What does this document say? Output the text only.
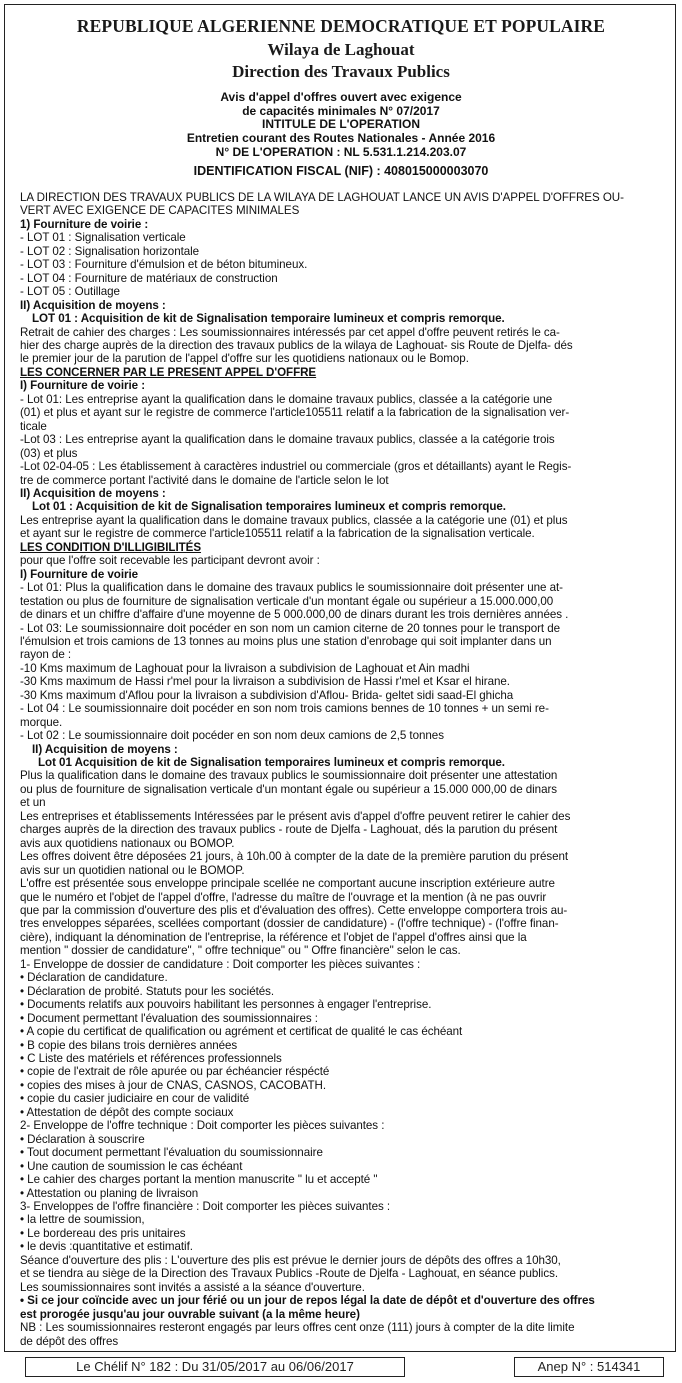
REPUBLIQUE ALGERIENNE DEMOCRATIQUE ET POPULAIRE
Wilaya de Laghouat
Direction des Travaux Publics
Avis d'appel d'offres ouvert avec exigence
de capacités minimales N° 07/2017
INTITULE DE L'OPERATION
Entretien courant des Routes Nationales - Année 2016
N° DE L'OPERATION : NL 5.531.1.214.203.07
IDENTIFICATION FISCAL (NIF) : 408015000003070
LA DIRECTION DES TRAVAUX PUBLICS DE LA WILAYA DE LAGHOUAT LANCE UN AVIS D'APPEL D'OFFRES OU-
VERT AVEC EXIGENCE DE CAPACITES MINIMALES
1) Fourniture de voirie :
- LOT 01 : Signalisation verticale
- LOT 02 : Signalisation horizontale
- LOT 03 : Fourniture d'émulsion et de béton bitumineux.
- LOT 04 : Fourniture de matériaux de construction
- LOT 05 : Outillage
II) Acquisition de moyens :
LOT 01 : Acquisition de kit de Signalisation temporaire lumineux et compris remorque.
Retrait de cahier des charges : Les soumissionnaires intéressés par cet appel d'offre peuvent retirés le ca-
hier des charge auprès de la direction des travaux publics de la wilaya de Laghouat- sis Route de Djelfa- dés
le premier jour de la parution de l'appel d'offre sur les quotidiens nationaux ou le Bomop.
LES CONCERNER PAR LE PRESENT APPEL D'OFFRE
I) Fourniture de voirie :
- Lot 01: Les entreprise ayant la qualification dans le domaine travaux publics, classée a la catégorie une
(01) et plus et ayant sur le registre de commerce l'article105511 relatif a la fabrication de la signalisation ver-
ticale
-Lot 03 : Les entreprise ayant la qualification dans le domaine travaux publics, classée a la catégorie trois
(03) et plus
-Lot 02-04-05 : Les établissement à caractères industriel ou commerciale (gros et détaillants) ayant le Regis-
tre de commerce portant l'activité dans le domaine de l'article selon le lot
II) Acquisition de moyens :
Lot 01 : Acquisition de kit de Signalisation temporaires lumineux et compris remorque.
Les entreprise ayant la qualification dans le domaine travaux publics, classée a la catégorie une (01) et plus
et ayant sur le registre de commerce l'article105511 relatif a la fabrication de la signalisation verticale.
LES CONDITION D'ILLIGIBILITÉS
pour que l'offre soit recevable les participant devront avoir :
I) Fourniture de voirie
- Lot 01: Plus la qualification dans le domaine des travaux publics le soumissionnaire doit présenter une at-
testation ou plus de fourniture de signalisation verticale d'un montant égale ou supérieur a 15.000.000,00
de dinars et un chiffre d'affaire d'une moyenne de 5 000.000,00 de dinars durant les trois dernières années .
- Lot 03: Le soumissionnaire doit pocéder en son nom un camion citerne de 20 tonnes pour le transport de
l'émulsion et trois camions de 13 tonnes au moins plus une station d'enrobage qui soit implanter dans un
rayon de :
-10 Kms maximum de Laghouat pour la livraison a subdivision de Laghouat et Ain madhi
-30 Kms maximum de Hassi r'mel pour la livraison a subdivision de Hassi r'mel et Ksar el hirane.
-30 Kms maximum d'Aflou pour la livraison a subdivision d'Aflou- Brida- geltet sidi saad-El ghicha
- Lot 04 : Le soumissionnaire doit pocéder en son nom trois camions bennes de 10 tonnes + un semi re-
morque.
- Lot 02 : Le soumissionnaire doit pocéder en son nom deux camions de 2,5 tonnes
II) Acquisition de moyens :
Lot 01 Acquisition de kit de Signalisation temporaires lumineux et compris remorque.
Plus la qualification dans le domaine des travaux publics le soumissionnaire doit présenter une attestation
ou plus de fourniture de signalisation verticale d'un montant égale ou supérieur a 15.000 000,00 de dinars
et un
Les entreprises et établissements Intéressées par le présent avis d'appel d'offre peuvent retirer le cahier des
charges auprès de la direction des travaux publics - route de Djelfa - Laghouat, dés la parution du présent
avis aux quotidiens nationaux ou BOMOP.
Les offres doivent être déposées 21 jours, à 10h.00 à compter de la date de la première parution du présent
avis sur un quotidien national ou le BOMOP.
L'offre est présentée sous enveloppe principale scellée ne comportant aucune inscription extérieure autre
que le numéro et l'objet de l'appel d'offre, l'adresse du maître de l'ouvrage et la mention (à ne pas ouvrir
que par la commission d'ouverture des plis et d'évaluation des offres). Cette enveloppe comportera trois au-
tres enveloppes séparées, scellées comportant (dossier de candidature) - (l'offre technique) - (l'offre finan-
cière), indiquant la dénomination de l'entreprise, la référence et l'objet de l'appel d'offres ainsi que la
mention " dossier de candidature", " offre technique" ou " Offre financière" selon le cas.
1- Enveloppe de dossier de candidature : Doit comporter les pièces suivantes :
• Déclaration de candidature.
• Déclaration de probité. Statuts pour les sociétés.
• Documents relatifs aux pouvoirs habilitant les personnes à engager l'entreprise.
• Document permettant l'évaluation des soumissionnaires :
• A copie du certificat de qualification ou agrément et certificat de qualité le cas échéant
• B copie des bilans trois dernières années
• C Liste des matériels et références professionnels
• copie de l'extrait de rôle apurée ou par échéancier réspécté
• copies des mises à jour de CNAS, CASNOS, CACOBATH.
• copie du casier judiciaire en cour de validité
• Attestation de dépôt des compte sociaux
2- Enveloppe de l'offre technique : Doit comporter les pièces suivantes :
• Déclaration à souscrire
• Tout document permettant l'évaluation du soumissionnaire
• Une caution de soumission le cas échéant
• Le cahier des charges portant la mention manuscrite " lu et accepté "
• Attestation ou planing de livraison
3- Enveloppes de l'offre financière : Doit comporter les pièces suivantes :
• la lettre de soumission,
• Le bordereau des pris unitaires
• le devis :quantitative et estimatif.
Séance d'ouverture des plis : L'ouverture des plis est prévue le dernier jours de dépôts des offres a 10h30,
et se tiendra au siège de la Direction des Travaux Publics -Route de Djelfa - Laghouat, en séance publics.
Les soumissionnaires sont invités a assisté a la séance d'ouverture.
• Si ce jour coïncide avec un jour férié ou un jour de repos légal la date de dépôt et d'ouverture des offres
est prorogée jusqu'au jour ouvrable suivant (a la même heure)
NB : Les soumissionnaires resteront engagés par leurs offres cent onze (111) jours à compter de la dite limite
de dépôt des offres
Le Chélif N° 182 : Du 31/05/2017 au 06/06/2017	Anep N° : 514341
